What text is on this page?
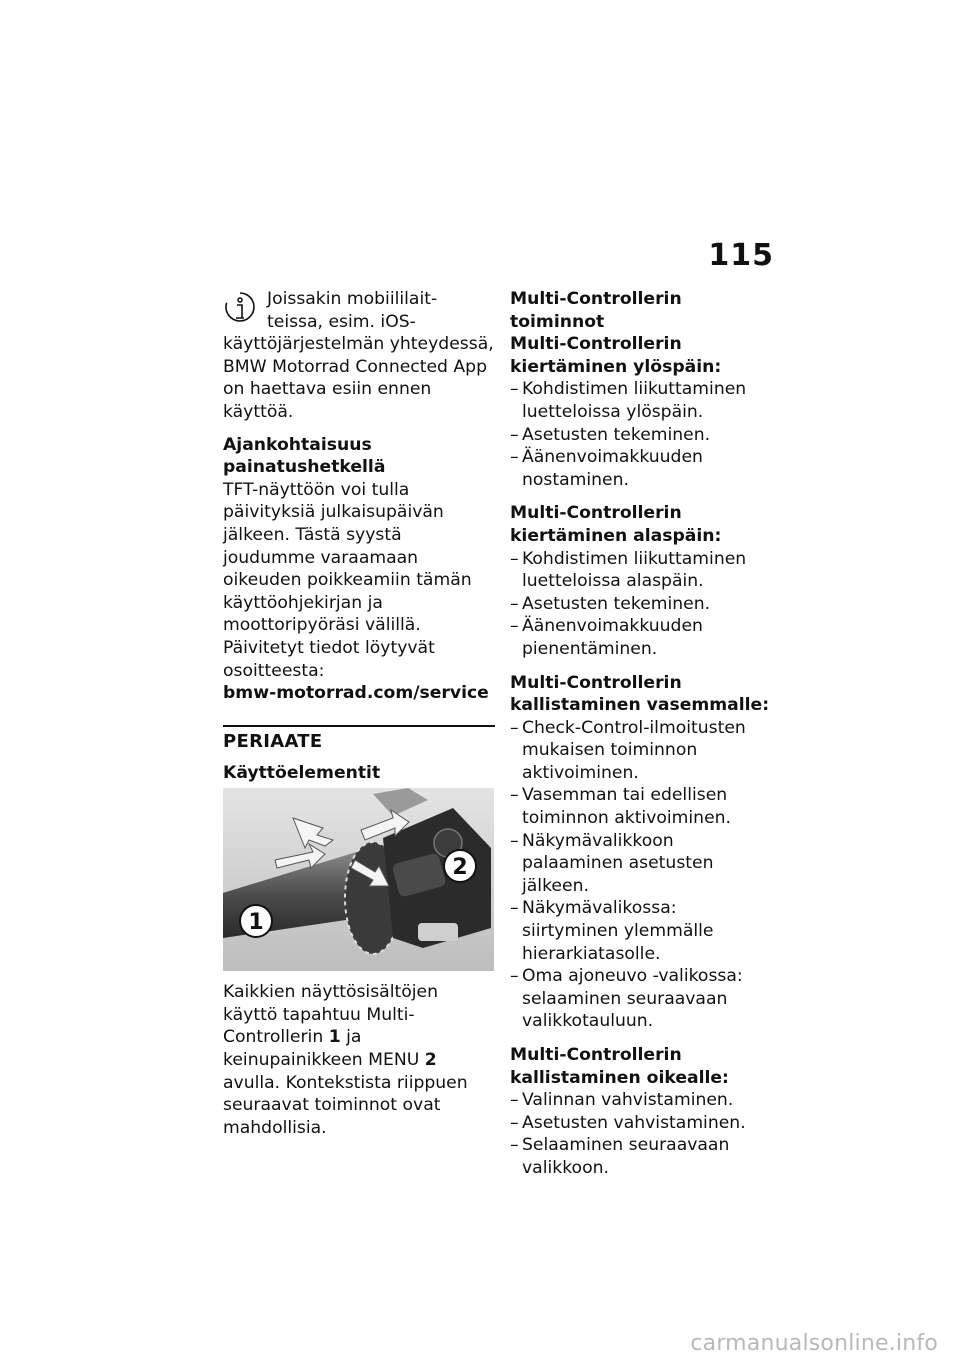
115
Joissakin mobiililait-
teissa, esim. iOS-
käyttöjärjestelmän yhteydessä, BMW Motorrad Connected App on haettava esiin ennen käyttöä.
Ajankohtaisuus painatushetkellä

TFT-näyttöön voi tulla päivityksiä julkaisupäivän jälkeen. Tästä syystä joudumme varaamaan oikeuden poikkeamiin tämän käyttöohjekirjan ja moottoripyöräsi välillä. Päivitetyt tiedot löytyvät osoitteesta:

bmw-motorrad.com/service
PERIAATE
Käyttöelementit
1
2

Kaikkien näyttösisältöjen käyttö tapahtuu Multi-Controllerin 1 ja keinupainikkeen MENU 2 avulla. Kontekstista riippuen seuraavat toiminnot ovat mahdollisia.

Multi-Controllerin toiminnot
Multi-Controllerin kiertäminen ylöspäin:
– Kohdistimen liikuttaminen luetteloissa ylöspäin.
– Asetusten tekeminen.
– Äänenvoimakkuuden nostaminen.
Multi-Controllerin kiertäminen alaspäin:
– Kohdistimen liikuttaminen luetteloissa alaspäin.
– Asetusten tekeminen.
– Äänenvoimakkuuden pienentäminen.
Multi-Controllerin kallistaminen vasemmalle:
– Check-Control-ilmoitusten mukaisen toiminnon aktivoiminen.
– Vasemman tai edellisen toiminnon aktivoiminen.
– Näkymävalikkoon palaaminen asetusten jälkeen.
– Näkymävalikossa: siirtyminen ylemmälle hierarkiatasolle.
– Oma ajoneuvo -valikossa: selaaminen seuraavaan valikkotauluun.
Multi-Controllerin kallistaminen oikealle:
– Valinnan vahvistaminen.
– Asetusten vahvistaminen.
– Selaaminen seuraavaan valikkoon.
carmanualsonline.info
